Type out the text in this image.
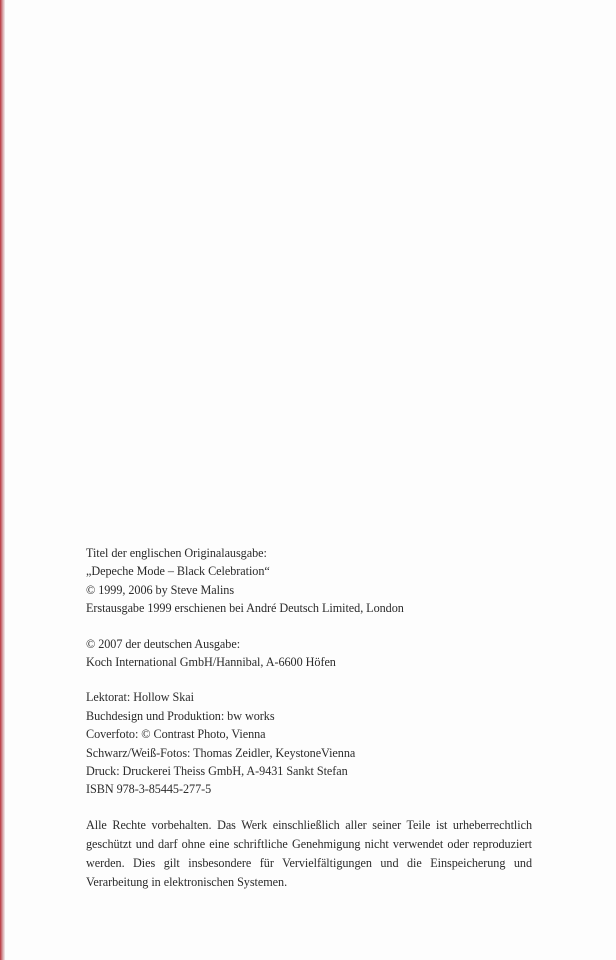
Titel der englischen Originalausgabe:

„Depeche Mode – Black Celebration“

© 1999, 2006 by Steve Malins

Erstausgabe 1999 erschienen bei André Deutsch Limited, London

© 2007 der deutschen Ausgabe:

Koch International GmbH/Hannibal, A-6600 Höfen

Lektorat: Hollow Skai

Buchdesign und Produktion: bw works

Coverfoto: © Contrast Photo, Vienna

Schwarz/Weiß-Fotos: Thomas Zeidler, KeystoneVienna

Druck: Druckerei Theiss GmbH, A-9431 Sankt Stefan

ISBN 978-3-85445-277-5

Alle Rechte vorbehalten. Das Werk einschließlich aller seiner Teile ist urheberrechtlich geschützt und darf ohne eine schriftliche Genehmigung nicht verwendet oder reproduziert werden. Dies gilt insbesondere für Vervielfältigungen und die Einspeicherung und Verarbeitung in elektronischen Systemen.
